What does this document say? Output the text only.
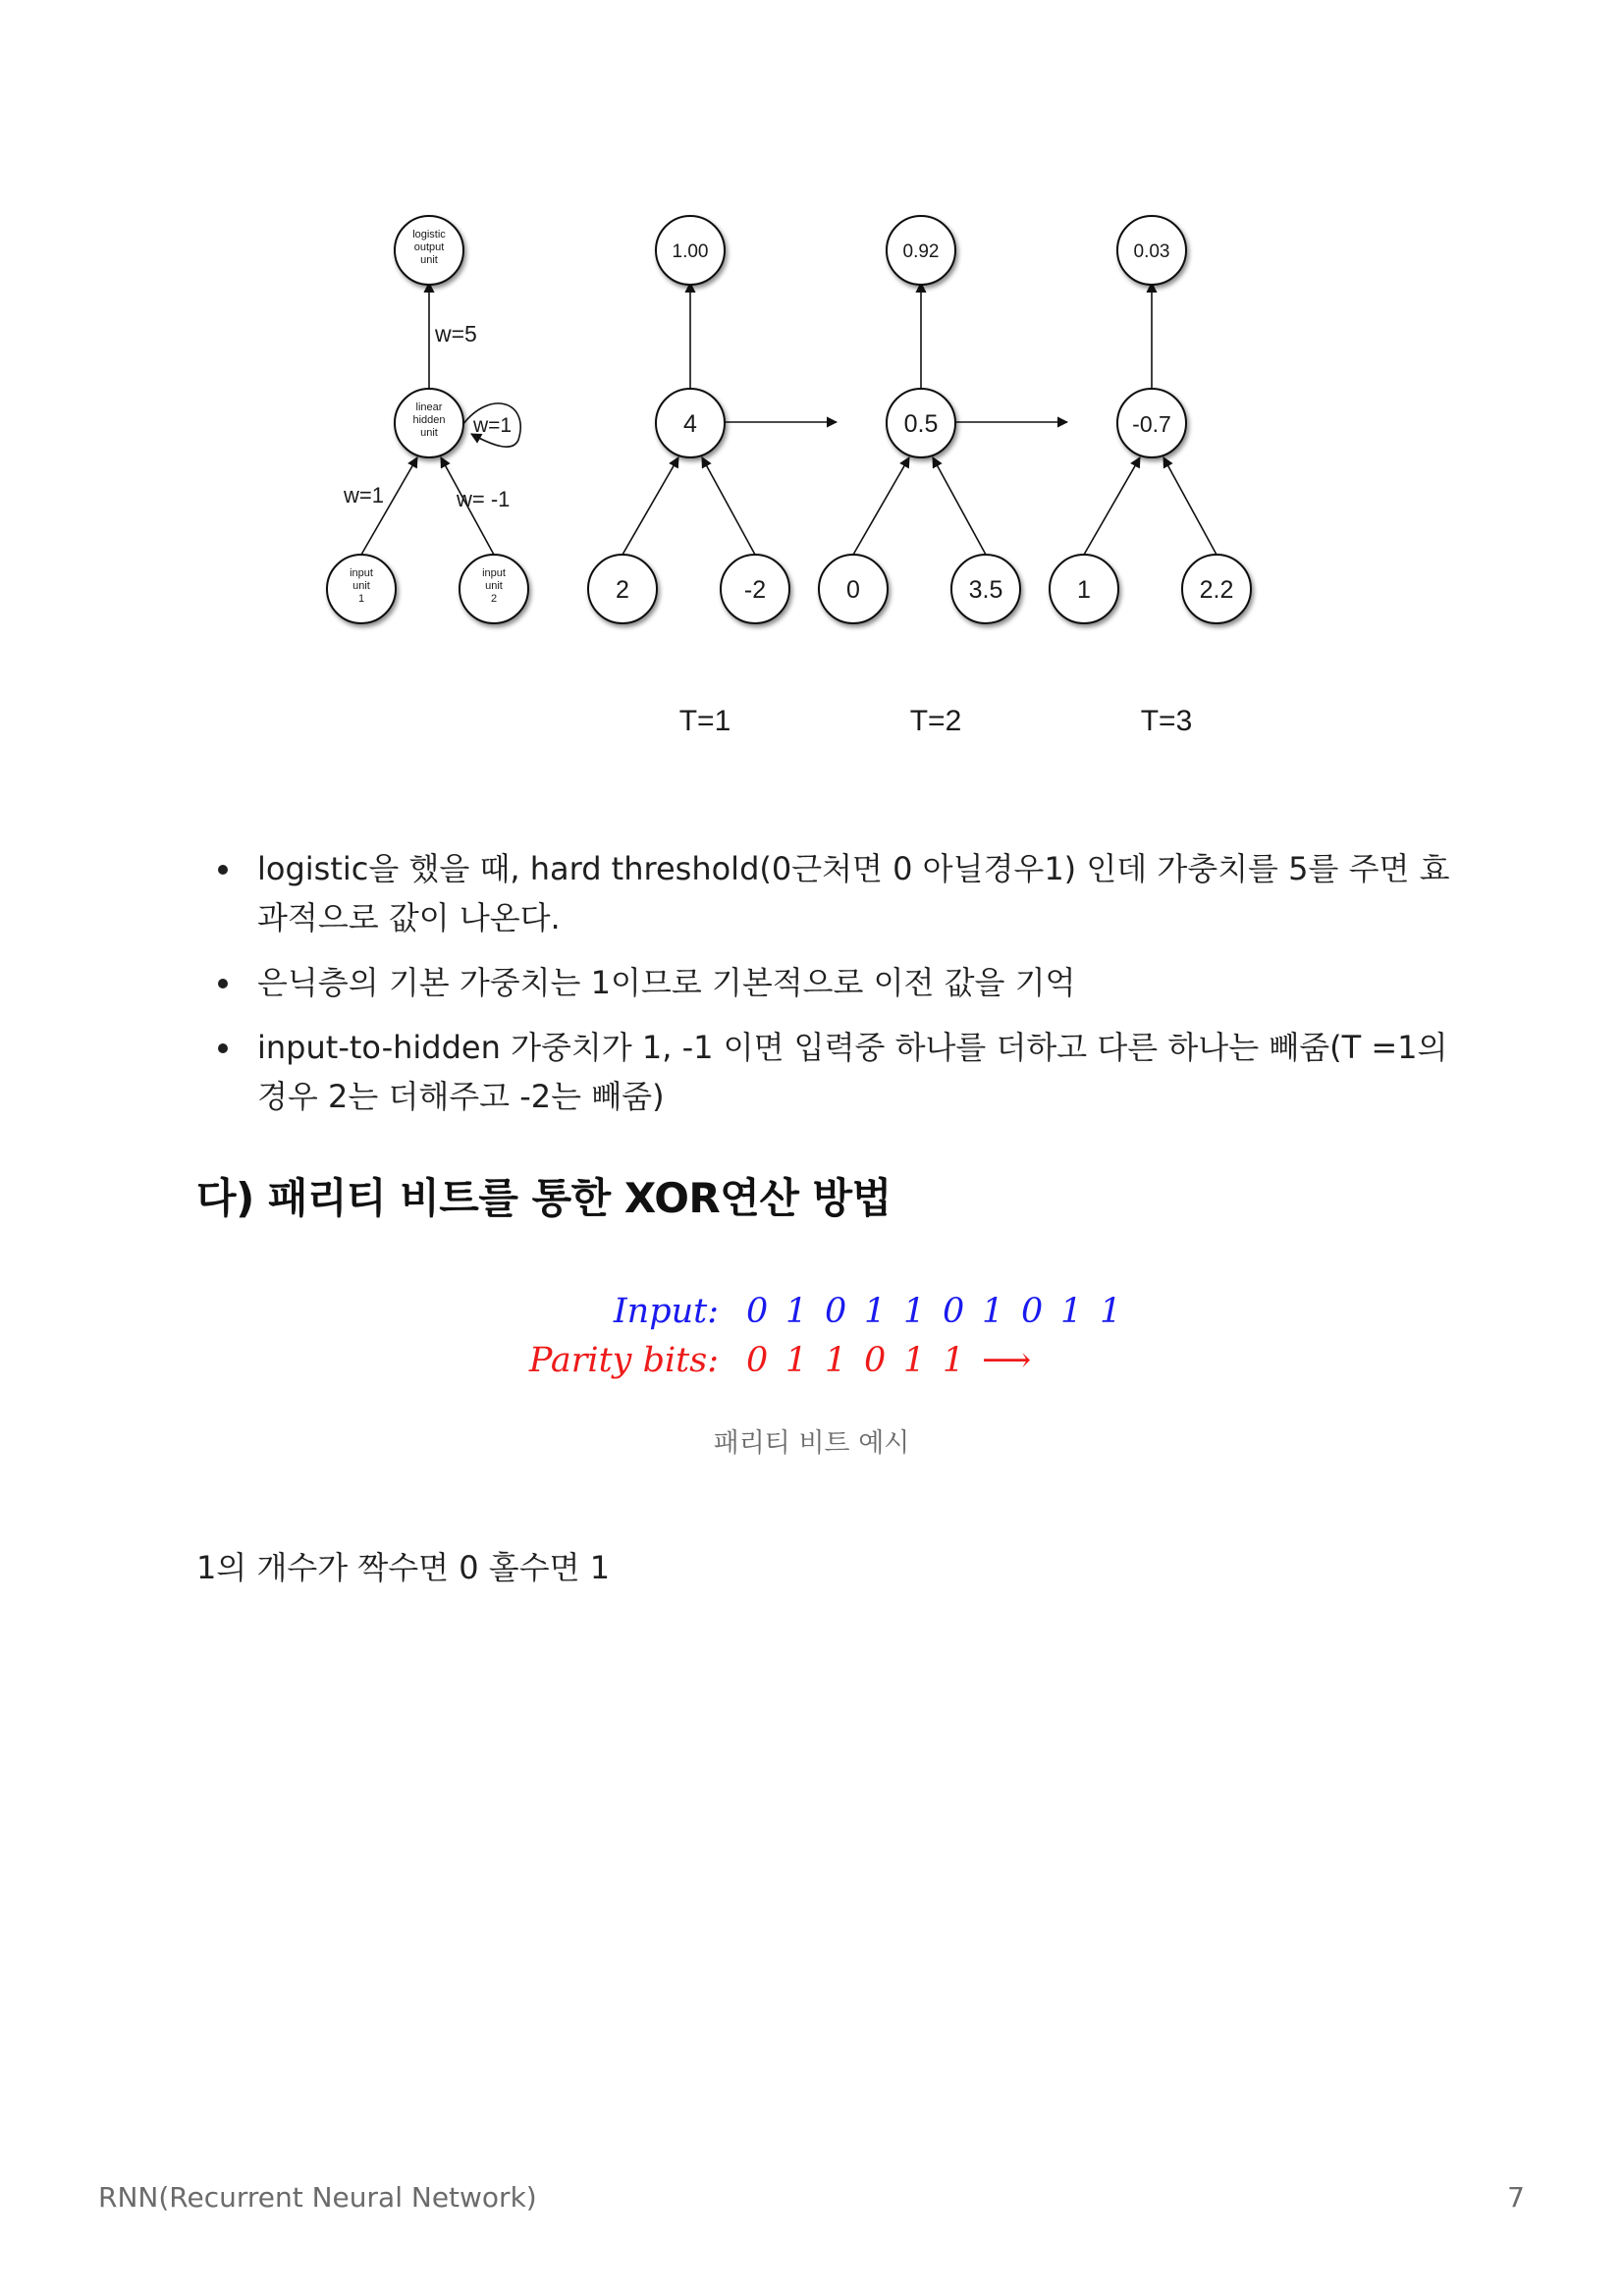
logistic
output
unit
linear
hidden
unit
input
unit
1
input
unit
2
w=5
w=1
w=1	w= -1
1.00
4
2	-2
T=1
0.92
0.5
0	3.5
T=2
0.03
-0.7
1	2.2
T=3
logistic을 했을 때, hard threshold(0근처면 0 아닐경우1) 인데 가충치를 5를 주면 효과적으로 값이 나온다.
은닉층의 기본 가중치는 1이므로 기본적으로 이전 값을 기억
input-to-hidden 가중치가 1, -1 이면 입력중 하나를 더하고 다른 하나는 빼줌(T =1의 경우 2는 더해주고 -2는 빼줌)
다) 패리티 비트를 통한 XOR연산 방법
Input: 0 1 0 1 1 0 1 0 1 1
Parity bits: 0 1 1 0 1 1 ⟶
패리티 비트 예시

1의 개수가 짝수면 0 홀수면 1

RNN(Recurrent Neural Network)	7
